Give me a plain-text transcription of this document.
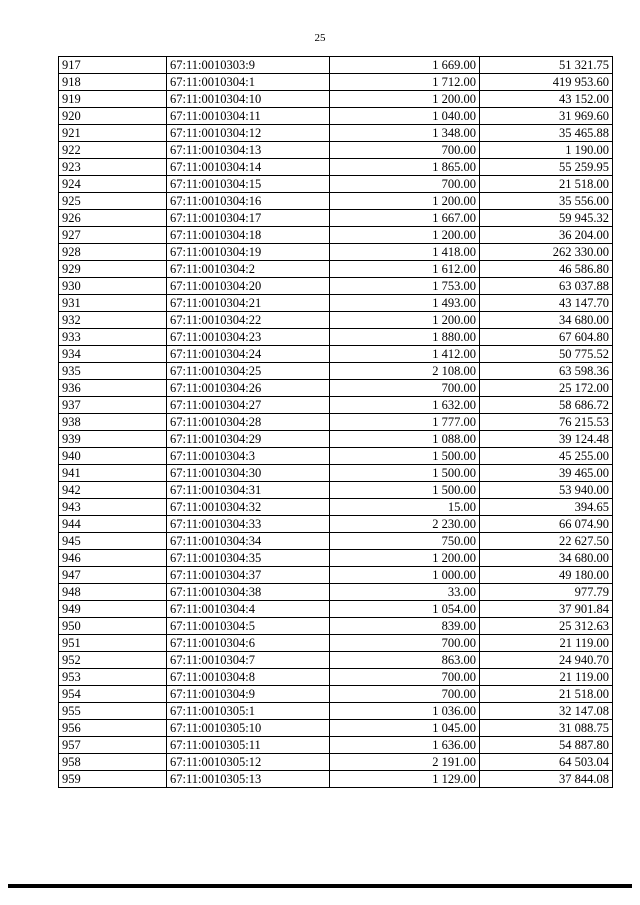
25
917	67:11:0010303:9	1 669.00	51 321.75
918	67:11:0010304:1	1 712.00	419 953.60
919	67:11:0010304:10	1 200.00	43 152.00
920	67:11:0010304:11	1 040.00	31 969.60
921	67:11:0010304:12	1 348.00	35 465.88
922	67:11:0010304:13	700.00	1 190.00
923	67:11:0010304:14	1 865.00	55 259.95
924	67:11:0010304:15	700.00	21 518.00
925	67:11:0010304:16	1 200.00	35 556.00
926	67:11:0010304:17	1 667.00	59 945.32
927	67:11:0010304:18	1 200.00	36 204.00
928	67:11:0010304:19	1 418.00	262 330.00
929	67:11:0010304:2	1 612.00	46 586.80
930	67:11:0010304:20	1 753.00	63 037.88
931	67:11:0010304:21	1 493.00	43 147.70
932	67:11:0010304:22	1 200.00	34 680.00
933	67:11:0010304:23	1 880.00	67 604.80
934	67:11:0010304:24	1 412.00	50 775.52
935	67:11:0010304:25	2 108.00	63 598.36
936	67:11:0010304:26	700.00	25 172.00
937	67:11:0010304:27	1 632.00	58 686.72
938	67:11:0010304:28	1 777.00	76 215.53
939	67:11:0010304:29	1 088.00	39 124.48
940	67:11:0010304:3	1 500.00	45 255.00
941	67:11:0010304:30	1 500.00	39 465.00
942	67:11:0010304:31	1 500.00	53 940.00
943	67:11:0010304:32	15.00	394.65
944	67:11:0010304:33	2 230.00	66 074.90
945	67:11:0010304:34	750.00	22 627.50
946	67:11:0010304:35	1 200.00	34 680.00
947	67:11:0010304:37	1 000.00	49 180.00
948	67:11:0010304:38	33.00	977.79
949	67:11:0010304:4	1 054.00	37 901.84
950	67:11:0010304:5	839.00	25 312.63
951	67:11:0010304:6	700.00	21 119.00
952	67:11:0010304:7	863.00	24 940.70
953	67:11:0010304:8	700.00	21 119.00
954	67:11:0010304:9	700.00	21 518.00
955	67:11:0010305:1	1 036.00	32 147.08
956	67:11:0010305:10	1 045.00	31 088.75
957	67:11:0010305:11	1 636.00	54 887.80
958	67:11:0010305:12	2 191.00	64 503.04
959	67:11:0010305:13	1 129.00	37 844.08
